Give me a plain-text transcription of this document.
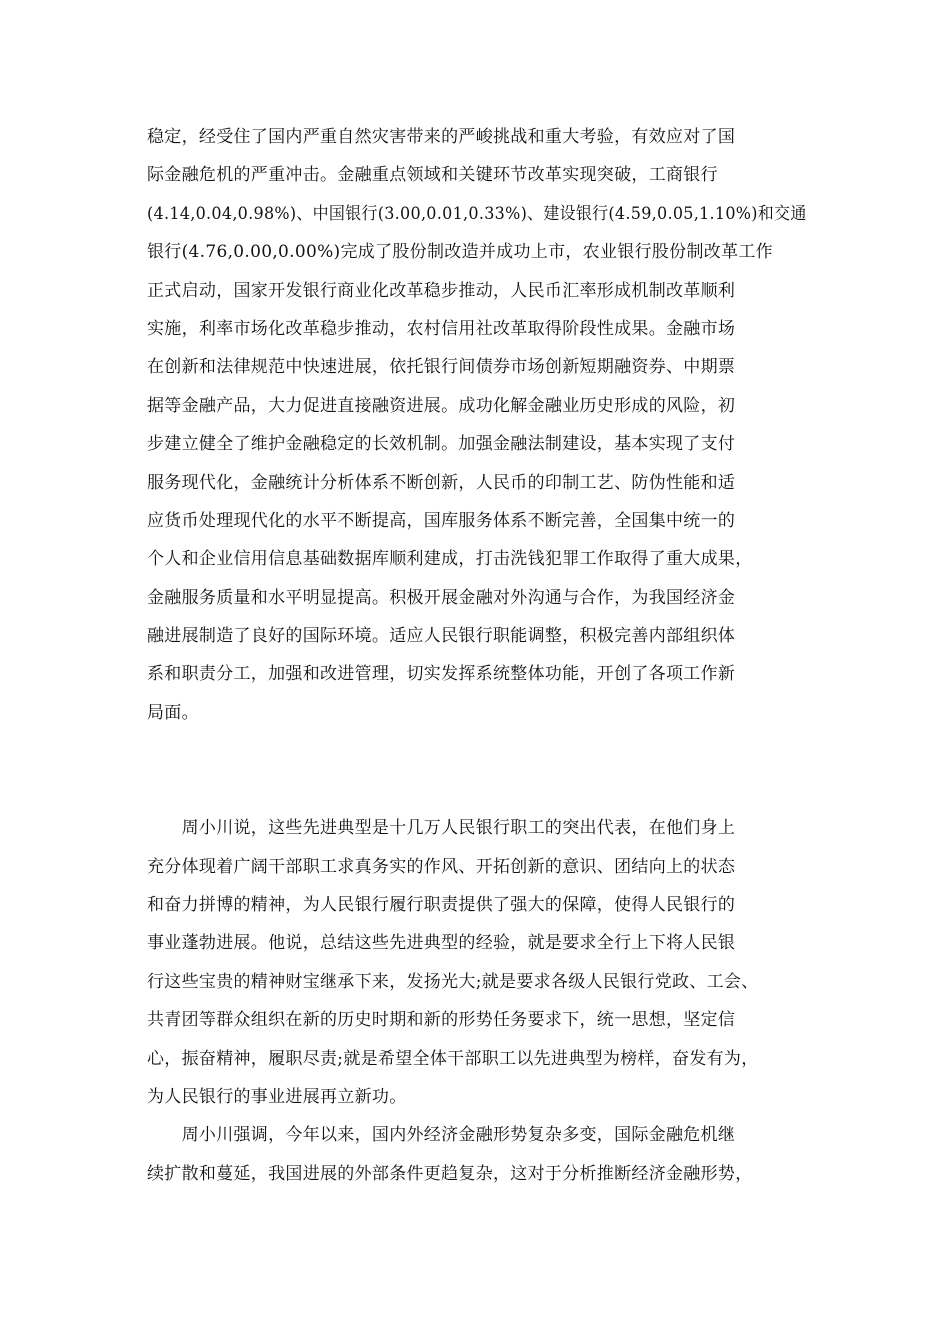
稳定，经受住了国内严重自然灾害带来的严峻挑战和重大考验，有效应对了国
际金融危机的严重冲击。金融重点领域和关键环节改革实现突破，工商银行
(4.14,0.04,0.98%)、中国银行(3.00,0.01,0.33%)、建设银行(4.59,0.05,1.10%)和交通
银行(4.76,0.00,0.00%)完成了股份制改造并成功上市，农业银行股份制改革工作
正式启动，国家开发银行商业化改革稳步推动，人民币汇率形成机制改革顺利
实施，利率市场化改革稳步推动，农村信用社改革取得阶段性成果。金融市场
在创新和法律规范中快速进展，依托银行间债券市场创新短期融资券、中期票
据等金融产品，大力促进直接融资进展。成功化解金融业历史形成的风险，初
步建立健全了维护金融稳定的长效机制。加强金融法制建设，基本实现了支付
服务现代化，金融统计分析体系不断创新，人民币的印制工艺、防伪性能和适
应货币处理现代化的水平不断提高，国库服务体系不断完善，全国集中统一的
个人和企业信用信息基础数据库顺利建成，打击洗钱犯罪工作取得了重大成果，
金融服务质量和水平明显提高。积极开展金融对外沟通与合作，为我国经济金
融进展制造了良好的国际环境。适应人民银行职能调整，积极完善内部组织体
系和职责分工，加强和改进管理，切实发挥系统整体功能，开创了各项工作新
局面。
　　周小川说，这些先进典型是十几万人民银行职工的突出代表，在他们身上
充分体现着广阔干部职工求真务实的作风、开拓创新的意识、团结向上的状态
和奋力拼博的精神，为人民银行履行职责提供了强大的保障，使得人民银行的
事业蓬勃进展。他说，总结这些先进典型的经验，就是要求全行上下将人民银
行这些宝贵的精神财宝继承下来，发扬光大;就是要求各级人民银行党政、工会、
共青团等群众组织在新的历史时期和新的形势任务要求下，统一思想，坚定信
心，振奋精神，履职尽责;就是希望全体干部职工以先进典型为榜样，奋发有为，
为人民银行的事业进展再立新功。
　　周小川强调，今年以来，国内外经济金融形势复杂多变，国际金融危机继
续扩散和蔓延，我国进展的外部条件更趋复杂，这对于分析推断经济金融形势，
